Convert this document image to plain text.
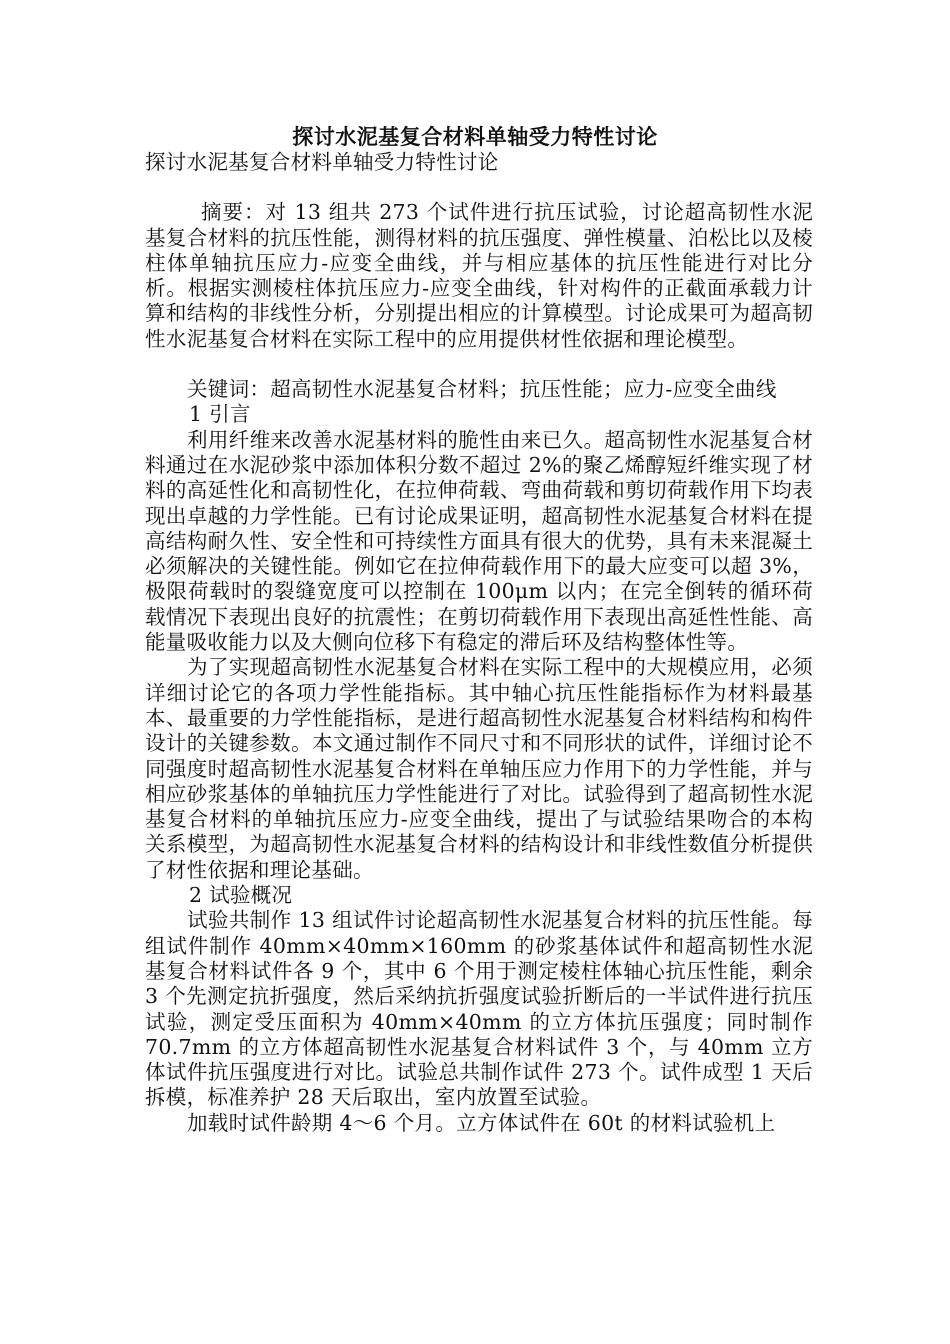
探讨水泥基复合材料单轴受力特性讨论

探讨水泥基复合材料单轴受力特性讨论

摘要：对 13 组共 273 个试件进行抗压试验，讨论超高韧性水泥基复合材料的抗压性能，测得材料的抗压强度、弹性模量、泊松比以及棱柱体单轴抗压应力-应变全曲线，并与相应基体的抗压性能进行对比分析。根据实测棱柱体抗压应力-应变全曲线，针对构件的正截面承载力计算和结构的非线性分析，分别提出相应的计算模型。讨论成果可为超高韧性水泥基复合材料在实际工程中的应用提供材性依据和理论模型。

关键词：超高韧性水泥基复合材料；抗压性能；应力-应变全曲线

1 引言

利用纤维来改善水泥基材料的脆性由来已久。超高韧性水泥基复合材料通过在水泥砂浆中添加体积分数不超过 2%的聚乙烯醇短纤维实现了材料的高延性化和高韧性化，在拉伸荷载、弯曲荷载和剪切荷载作用下均表现出卓越的力学性能。已有讨论成果证明，超高韧性水泥基复合材料在提高结构耐久性、安全性和可持续性方面具有很大的优势，具有未来混凝土必须解决的关键性能。例如它在拉伸荷载作用下的最大应变可以超 3%，极限荷载时的裂缝宽度可以控制在 100μm 以内；在完全倒转的循环荷载情况下表现出良好的抗震性；在剪切荷载作用下表现出高延性性能、高能量吸收能力以及大侧向位移下有稳定的滞后环及结构整体性等。

为了实现超高韧性水泥基复合材料在实际工程中的大规模应用，必须详细讨论它的各项力学性能指标。其中轴心抗压性能指标作为材料最基本、最重要的力学性能指标，是进行超高韧性水泥基复合材料结构和构件设计的关键参数。本文通过制作不同尺寸和不同形状的试件，详细讨论不同强度时超高韧性水泥基复合材料在单轴压应力作用下的力学性能，并与相应砂浆基体的单轴抗压力学性能进行了对比。试验得到了超高韧性水泥基复合材料的单轴抗压应力-应变全曲线，提出了与试验结果吻合的本构关系模型，为超高韧性水泥基复合材料的结构设计和非线性数值分析提供了材性依据和理论基础。

2 试验概况

试验共制作 13 组试件讨论超高韧性水泥基复合材料的抗压性能。每组试件制作 40mm×40mm×160mm 的砂浆基体试件和超高韧性水泥基复合材料试件各 9 个，其中 6 个用于测定棱柱体轴心抗压性能，剩余 3 个先测定抗折强度，然后采纳抗折强度试验折断后的一半试件进行抗压试验，测定受压面积为 40mm×40mm 的立方体抗压强度；同时制作 70.7mm 的立方体超高韧性水泥基复合材料试件 3 个，与 40mm 立方体试件抗压强度进行对比。试验总共制作试件 273 个。试件成型 1 天后拆模，标准养护 28 天后取出，室内放置至试验。

加载时试件龄期 4～6 个月。立方体试件在 60t 的材料试验机上
